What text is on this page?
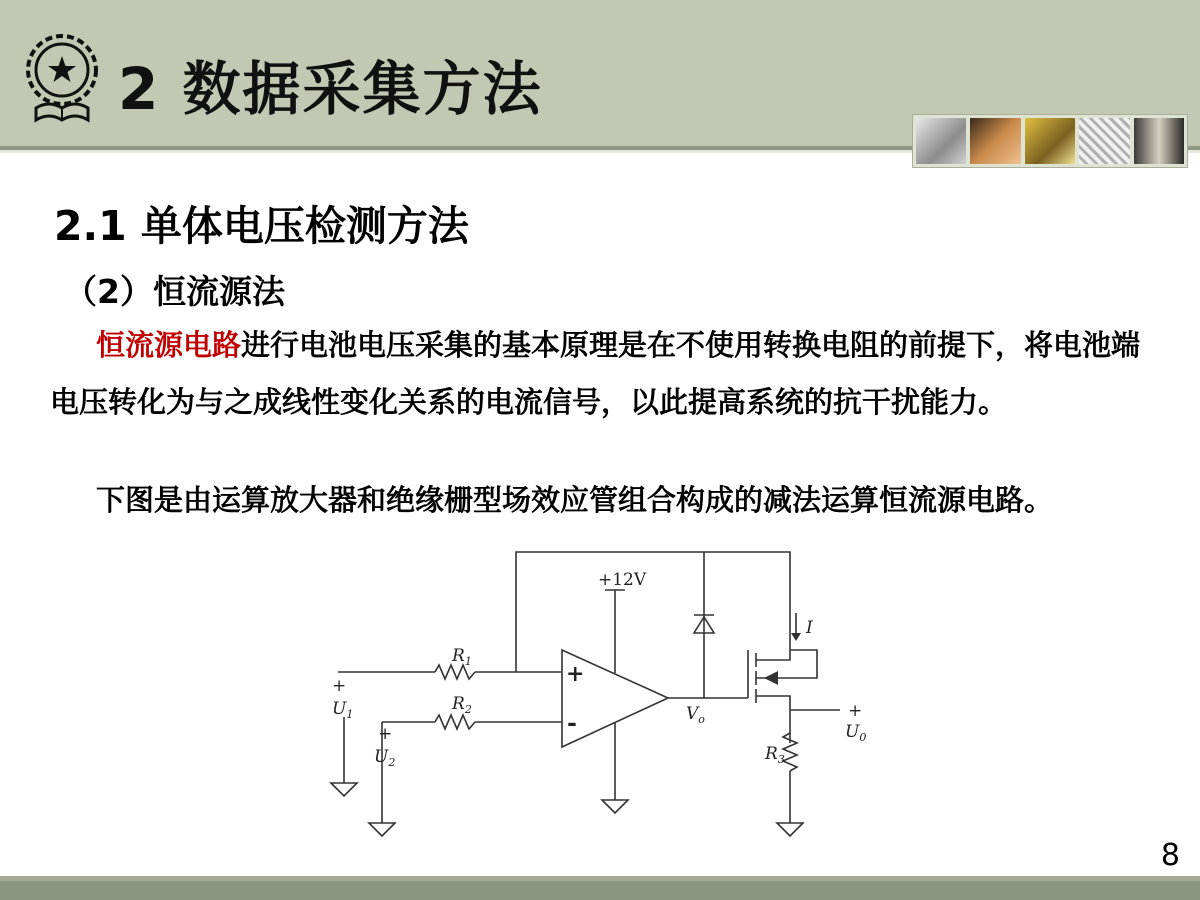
2 数据采集方法
2.1 单体电压检测方法
（2）恒流源法
恒流源电路进行电池电压采集的基本原理是在不使用转换电阻的前提下，将电池端电压转化为与之成线性变化关系的电流信号，以此提高系统的抗干扰能力。
下图是由运算放大器和绝缘栅型场效应管组合构成的减法运算恒流源电路。
+12V
+
-
$R_1$
$R_2$
$R_3$
+
$U_1$
+
$U_2$
+
$U_0$
$V_o$
I
8
